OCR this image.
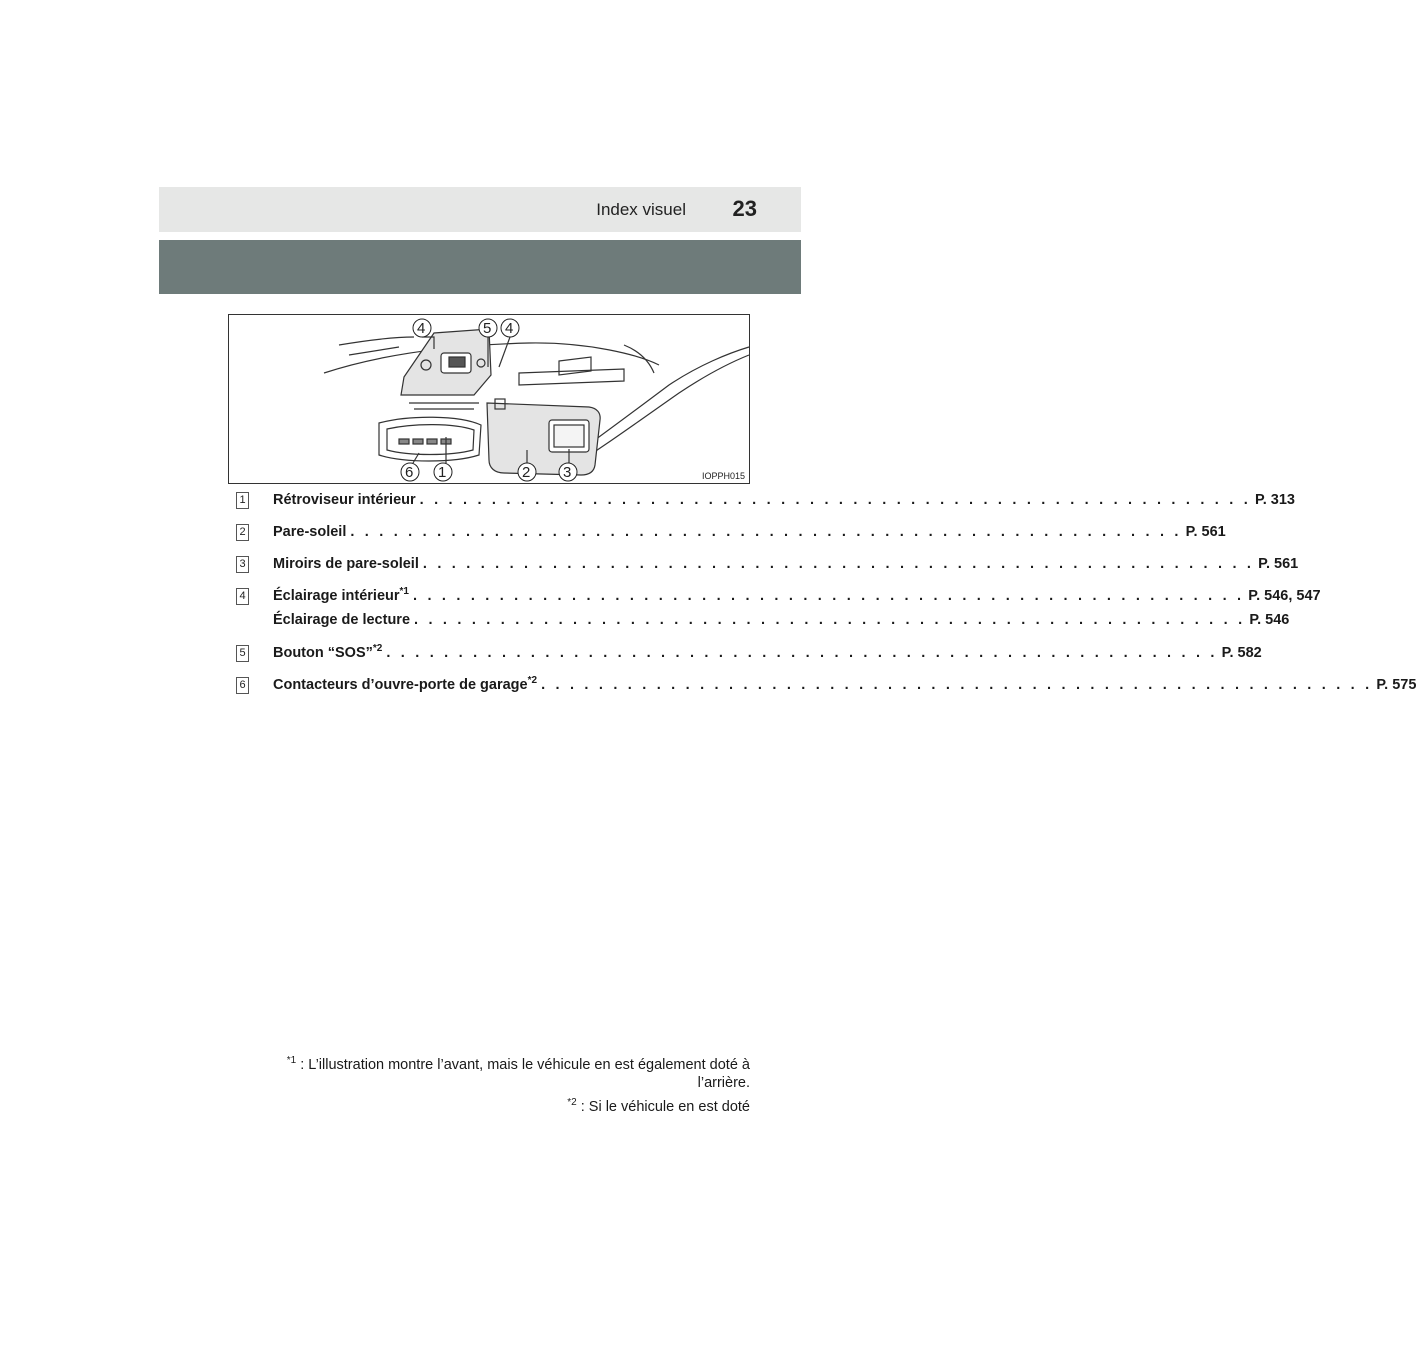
Index visuel 23
4	5 4
6 1	2 3	IOPPH015
1 Rétroviseur intérieur . . . . . . . . . . . . . . . . . . . . . . . . . . . . . . . . . . . . . . . . . . . . . . . . . . . . . . . . . . P. 313
2 Pare-soleil . . . . . . . . . . . . . . . . . . . . . . . . . . . . . . . . . . . . . . . . . . . . . . . . . . . . . . . . . . P. 561
3 Miroirs de pare-soleil . . . . . . . . . . . . . . . . . . . . . . . . . . . . . . . . . . . . . . . . . . . . . . . . . . . . . . . . . . P. 561
4 Éclairage intérieur$^{*1}$ . . . . . . . . . . . . . . . . . . . . . . . . . . . . . . . . . . . . . . . . . . . . . . . . . . . . . . . . . . P. 546, 547
Éclairage de lecture . . . . . . . . . . . . . . . . . . . . . . . . . . . . . . . . . . . . . . . . . . . . . . . . . . . . . . . . . . P. 546
5 Bouton “SOS”$^{*2}$ . . . . . . . . . . . . . . . . . . . . . . . . . . . . . . . . . . . . . . . . . . . . . . . . . . . . . . . . . . P. 582
6 Contacteurs d’ouvre-porte de garage$^{*2}$ . . . . . . . . . . . . . . . . . . . . . . . . . . . . . . . . . . . . . . . . . . . . . . . . . . . . . . . . . . P. 575

$^{*1}$ : L’illustration montre l’avant, mais le véhicule en est également doté à l’arrière.

$^{*2}$ : Si le véhicule en est doté
